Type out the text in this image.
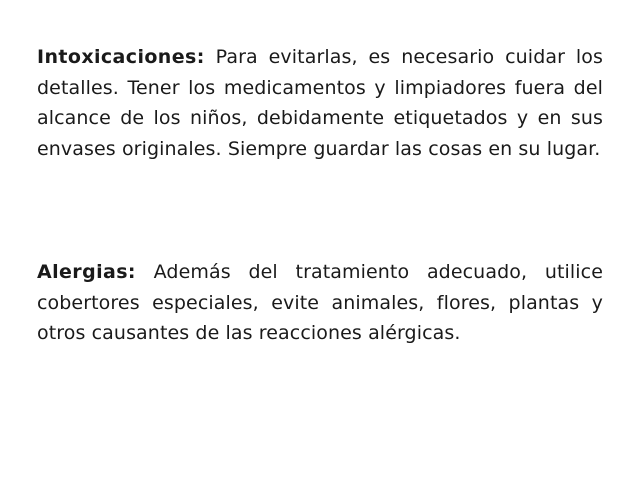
Intoxicaciones: Para evitarlas, es necesario cuidar los detalles. Tener los medicamentos y limpiadores fuera del alcance de los niños, debidamente etiquetados y en sus envases originales. Siempre guardar las cosas en su lugar.

Alergias: Además del tratamiento adecuado, utilice cobertores especiales, evite animales, flores, plantas y otros causantes de las reacciones alérgicas.
